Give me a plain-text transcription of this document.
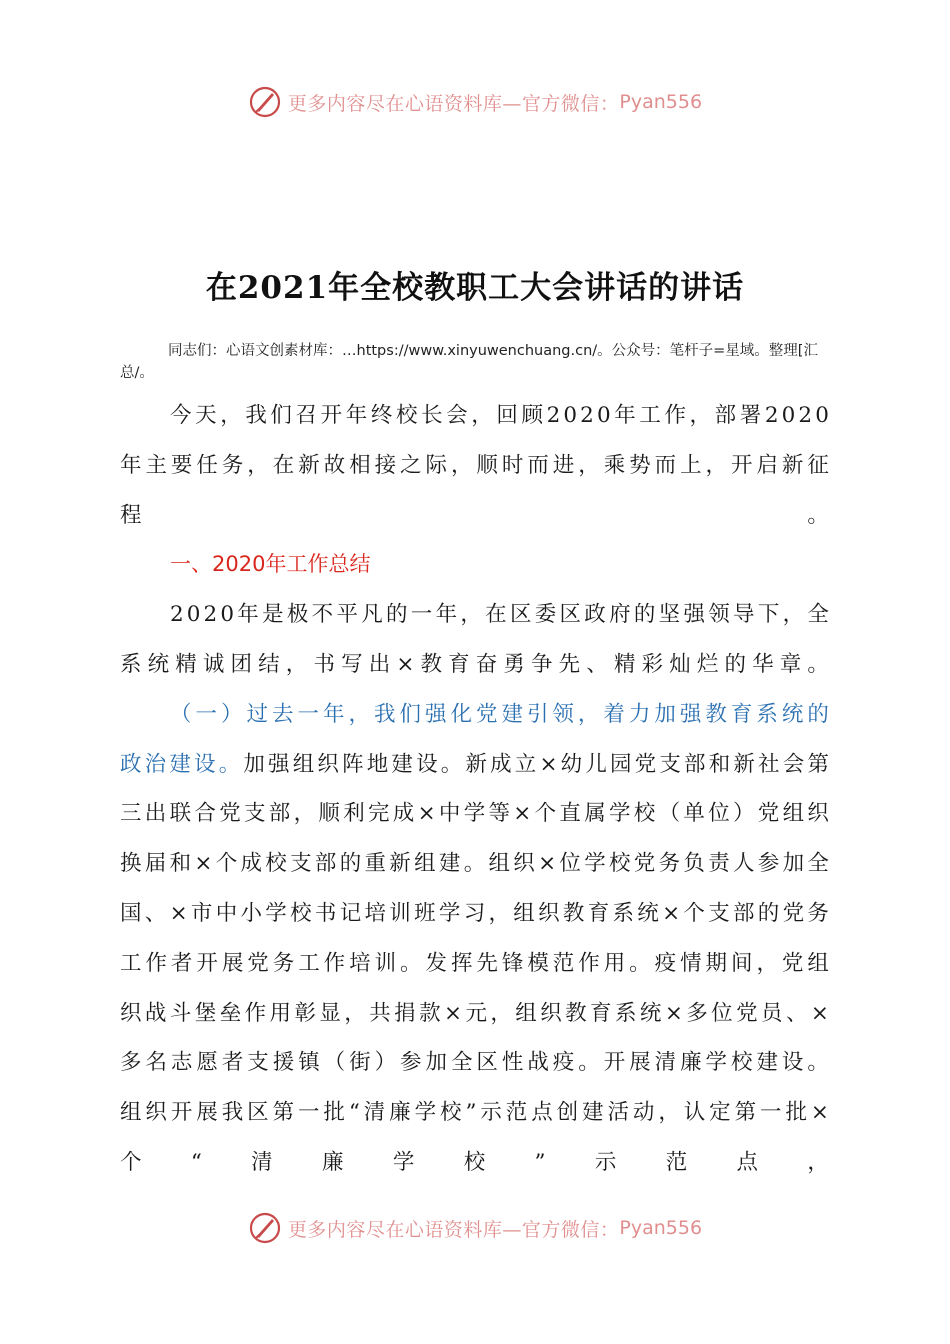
更多内容尽在心语资料库—官方微信： Pyan556
在2021年全校教职工大会讲话的讲话
同志们：心语文创素材库：…https://www.xinyuwenchuang.cn/。公众号：笔杆子=星域。整理[汇总/。

今天，我们召开年终校长会，回顾2020年工作，部署2020年主要任务，在新故相接之际，顺时而进，乘势而上，开启新征程。

一、2020年工作总结

2020年是极不平凡的一年，在区委区政府的坚强领导下，全系统精诚团结，书写出×教育奋勇争先、精彩灿烂的华章。

（一）过去一年，我们强化党建引领，着力加强教育系统的政治建设。加强组织阵地建设。新成立×幼儿园党支部和新社会第三出联合党支部，顺利完成×中学等×个直属学校（单位）党组织换届和×个成校支部的重新组建。组织×位学校党务负责人参加全国、×市中小学校书记培训班学习，组织教育系统×个支部的党务工作者开展党务工作培训。发挥先锋模范作用。疫情期间，党组织战斗堡垒作用彰显，共捐款×元，组织教育系统×多位党员、×多名志愿者支援镇（街）参加全区性战疫。开展清廉学校建设。组织开展我区第一批“清廉学校”示范点创建活动，认定第一批×个“清廉学校”示范点，

更多内容尽在心语资料库—官方微信： Pyan556
